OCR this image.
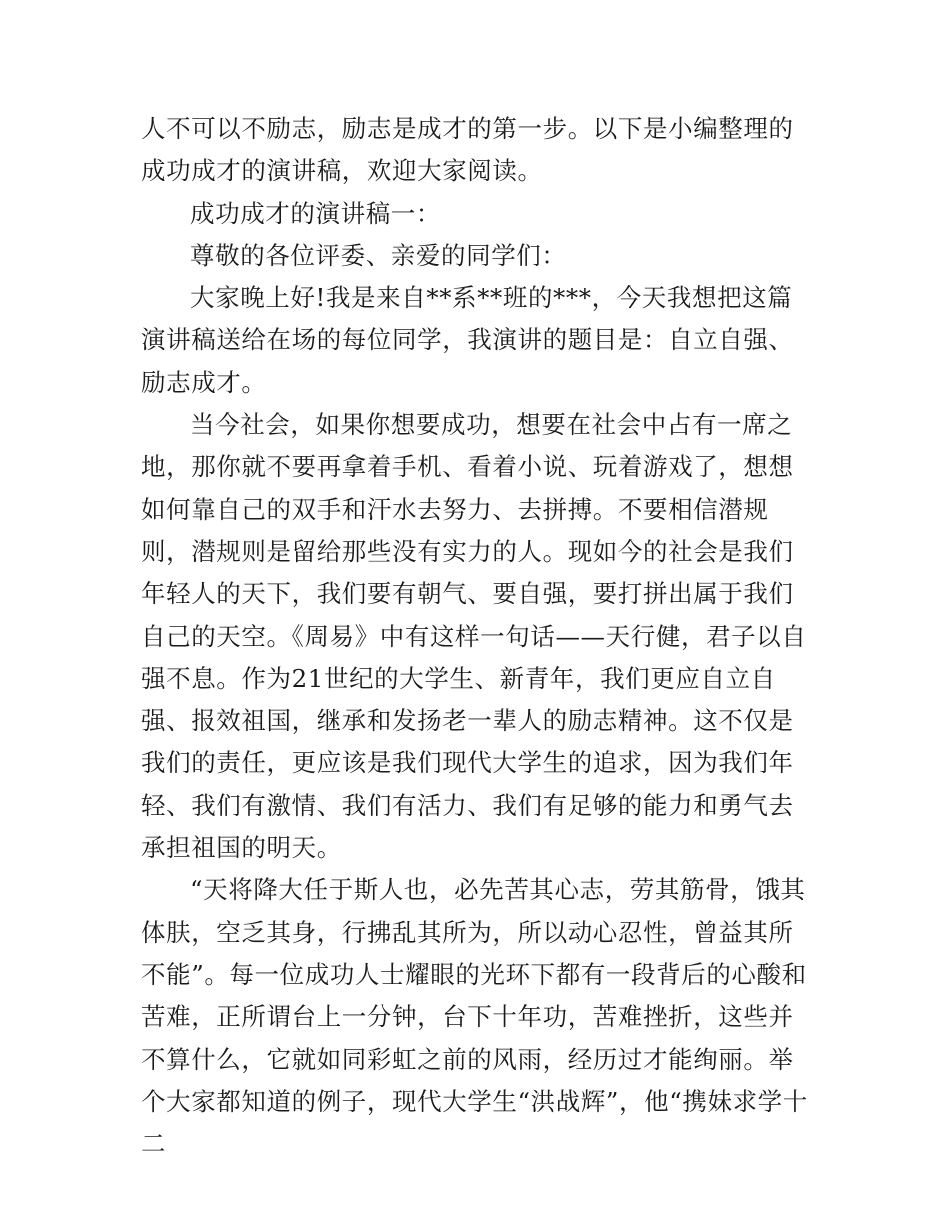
人不可以不励志，励志是成才的第一步。以下是小编整理的成功成才的演讲稿，欢迎大家阅读。

成功成才的演讲稿一：

尊敬的各位评委、亲爱的同学们：

大家晚上好!我是来自**系**班的***，今天我想把这篇演讲稿送给在场的每位同学，我演讲的题目是：自立自强、励志成才。

当今社会，如果你想要成功，想要在社会中占有一席之地，那你就不要再拿着手机、看着小说、玩着游戏了，想想如何靠自己的双手和汗水去努力、去拼搏。不要相信潜规则，潜规则是留给那些没有实力的人。现如今的社会是我们年轻人的天下，我们要有朝气、要自强，要打拼出属于我们自己的天空。《周易》中有这样一句话——天行健，君子以自强不息。作为21世纪的大学生、新青年，我们更应自立自强、报效祖国，继承和发扬老一辈人的励志精神。这不仅是我们的责任，更应该是我们现代大学生的追求，因为我们年轻、我们有激情、我们有活力、我们有足够的能力和勇气去承担祖国的明天。

“天将降大任于斯人也，必先苦其心志，劳其筋骨，饿其体肤，空乏其身，行拂乱其所为，所以动心忍性，曾益其所不能”。每一位成功人士耀眼的光环下都有一段背后的心酸和苦难，正所谓台上一分钟，台下十年功，苦难挫折，这些并不算什么，它就如同彩虹之前的风雨，经历过才能绚丽。举个大家都知道的例子，现代大学生“洪战辉”，他“携妹求学十二
